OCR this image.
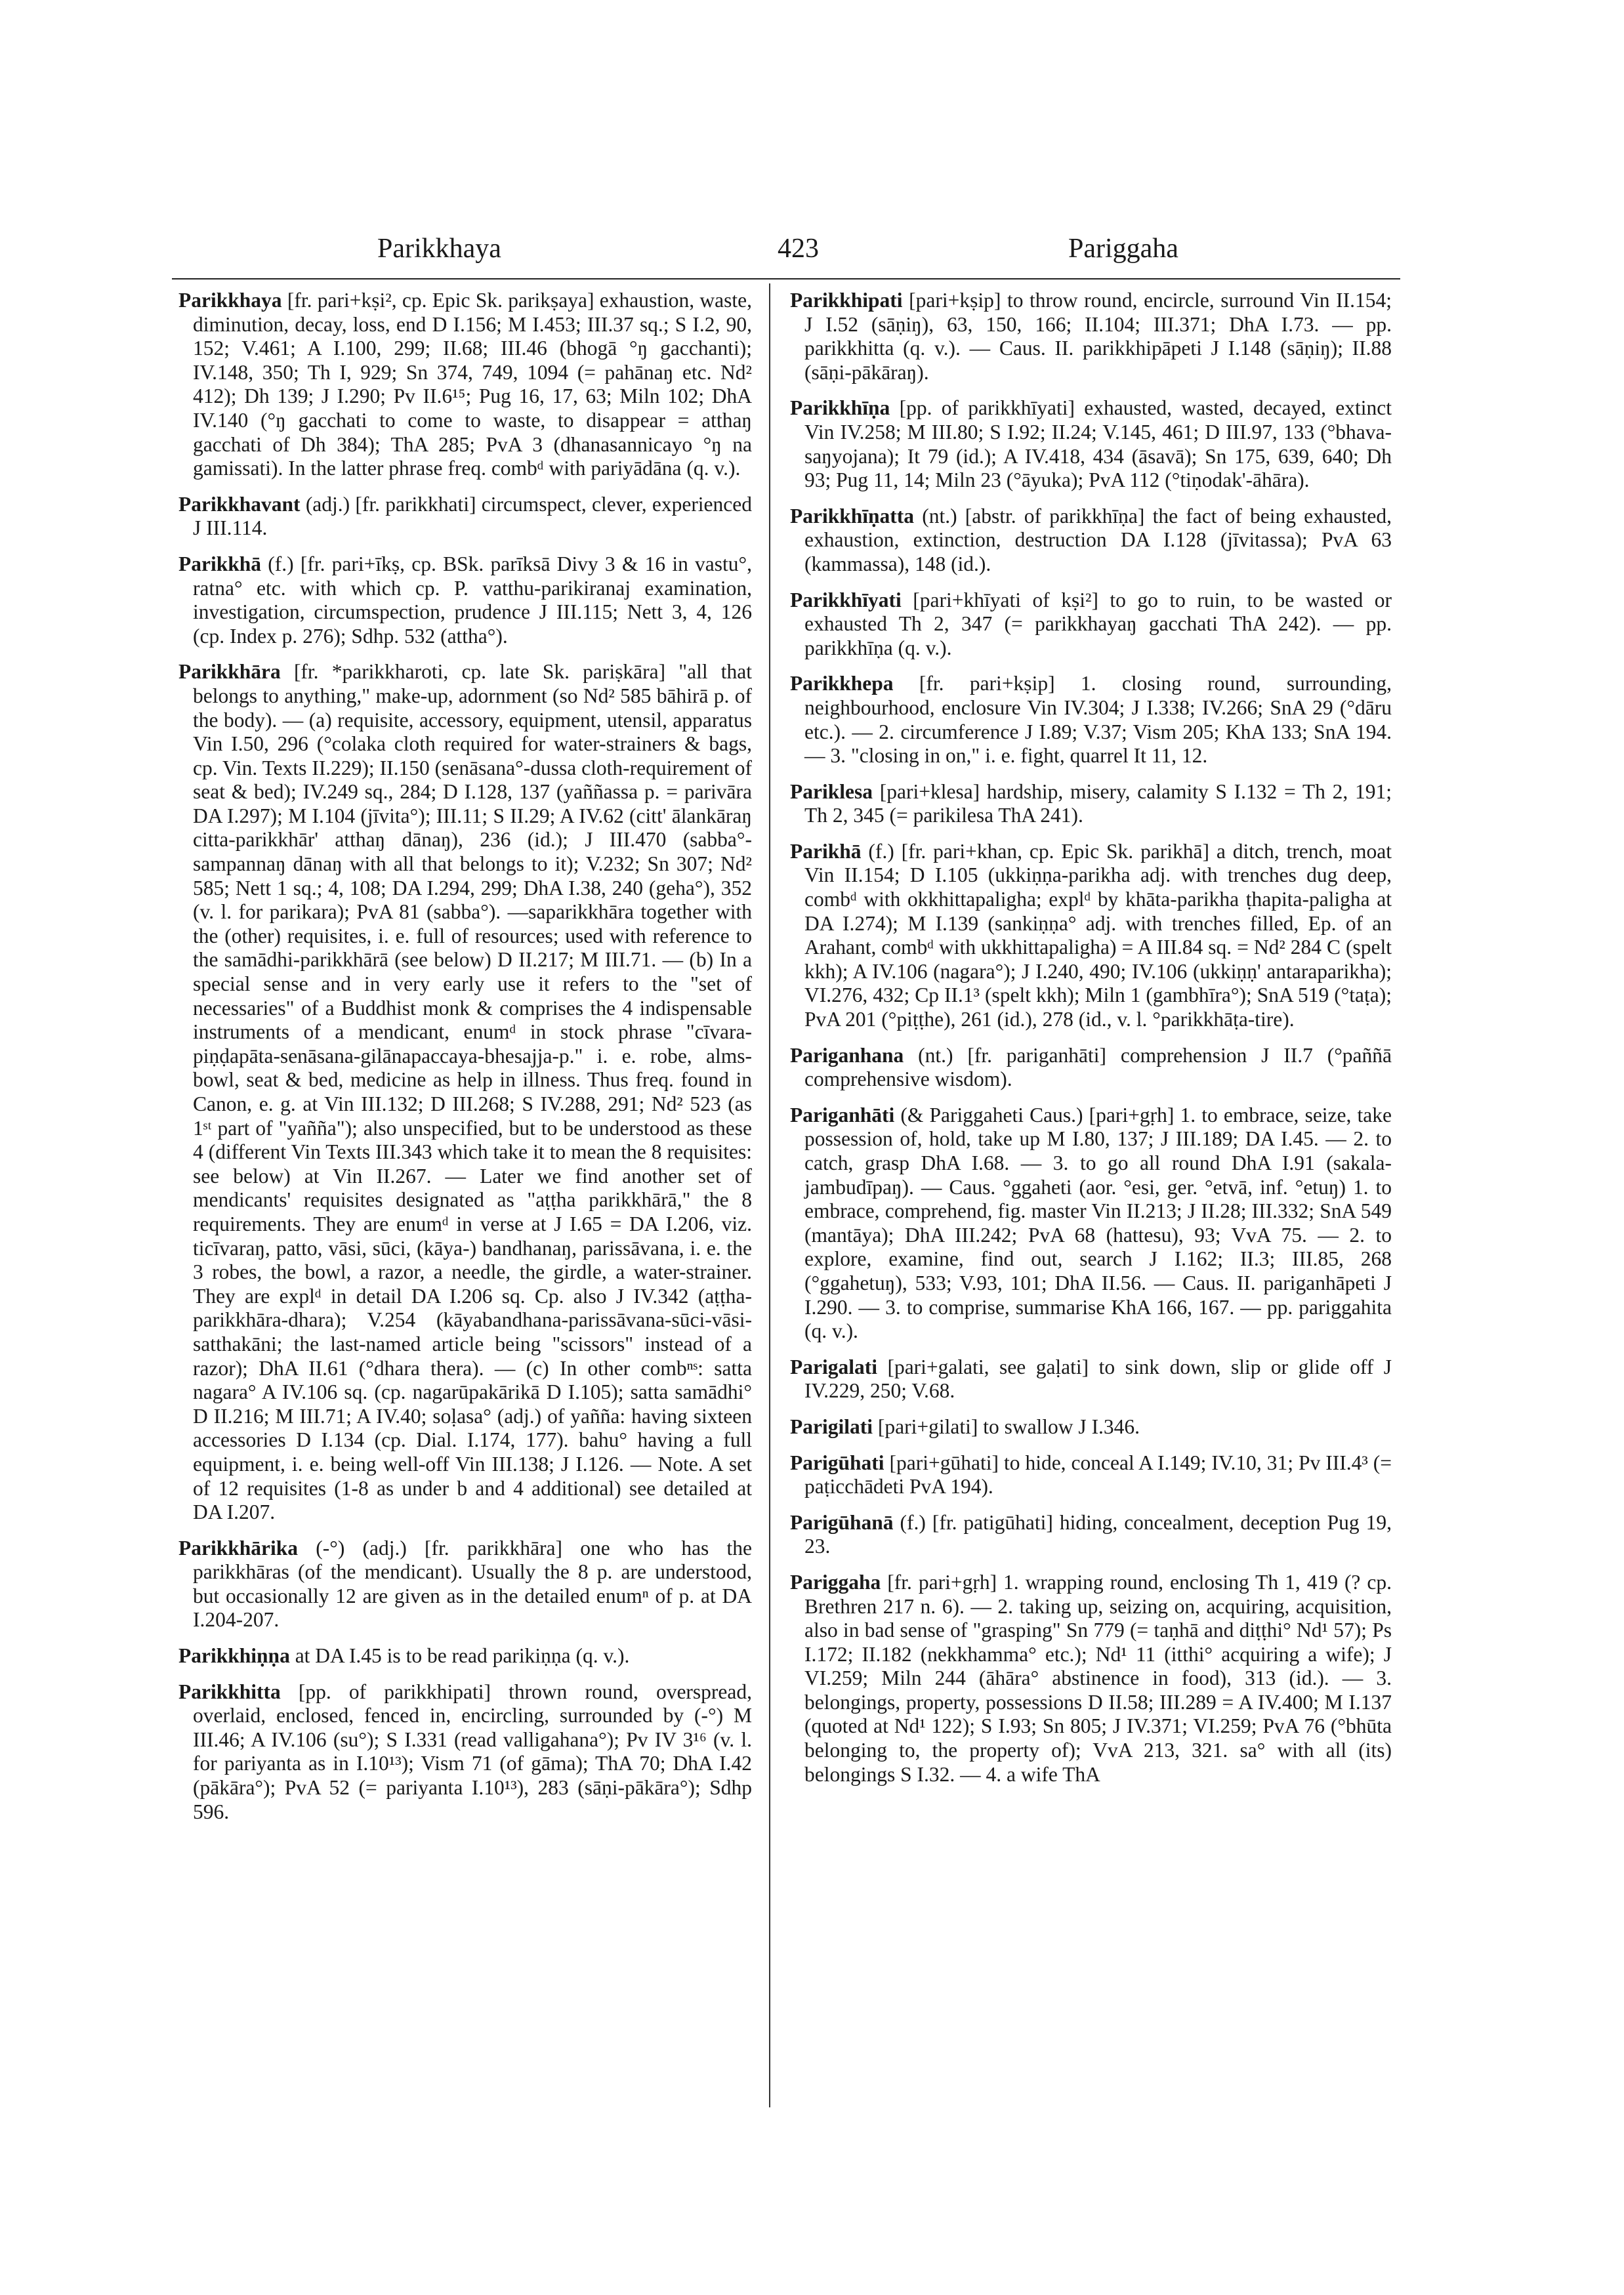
Parikkhaya	423	Pariggaha

Parikkhaya [fr. pari+kṣi², cp. Epic Sk. parikṣaya] exhaustion, waste, diminution, decay, loss, end D I.156; M I.453; III.37 sq.; S I.2, 90, 152; V.461; A I.100, 299; II.68; III.46 (bhogā °ŋ gacchanti); IV.148, 350; Th I, 929; Sn 374, 749, 1094 (= pahānaŋ etc. Nd² 412); Dh 139; J I.290; Pv II.6¹⁵; Pug 16, 17, 63; Miln 102; DhA IV.140 (°ŋ gacchati to come to waste, to disappear = atthaŋ gacchati of Dh 384); ThA 285; PvA 3 (dhanasannicayo °ŋ na gamissati). In the latter phrase freq. combᵈ with pariyādāna (q. v.).

Parikkhavant (adj.) [fr. parikkhati] circumspect, clever, experienced J III.114.

Parikkhā (f.) [fr. pari+īkṣ, cp. BSk. parīksā Divy 3 & 16 in vastu°, ratna° etc. with which cp. P. vatthu-parikiranaj examination, investigation, circumspection, prudence J III.115; Nett 3, 4, 126 (cp. Index p. 276); Sdhp. 532 (attha°).

Parikkhāra [fr. *parikkharoti, cp. late Sk. pariṣkāra] "all that belongs to anything," make-up, adornment (so Nd² 585 bāhirā p. of the body). — (a) requisite, accessory, equipment, utensil, apparatus Vin I.50, 296 (°colaka cloth required for water-strainers & bags, cp. Vin. Texts II.229); II.150 (senāsana°-dussa cloth-requirement of seat & bed); IV.249 sq., 284; D I.128, 137 (yaññassa p. = parivāra DA I.297); M I.104 (jīvita°); III.11; S II.29; A IV.62 (citt' ālankāraŋ citta-parikkhār' atthaŋ dānaŋ), 236 (id.); J III.470 (sabba°-sampannaŋ dānaŋ with all that belongs to it); V.232; Sn 307; Nd² 585; Nett 1 sq.; 4, 108; DA I.294, 299; DhA I.38, 240 (geha°), 352 (v. l. for parikara); PvA 81 (sabba°). —saparikkhāra together with the (other) requisites, i. e. full of resources; used with reference to the samādhi-parikkhārā (see below) D II.217; M III.71. — (b) In a special sense and in very early use it refers to the "set of necessaries" of a Buddhist monk & comprises the 4 indispensable instruments of a mendicant, enumᵈ in stock phrase "cīvara-piṇḍapāta-senāsana-gilānapaccaya-bhesajja-p." i. e. robe, alms-bowl, seat & bed, medicine as help in illness. Thus freq. found in Canon, e. g. at Vin III.132; D III.268; S IV.288, 291; Nd² 523 (as 1ˢᵗ part of "yañña"); also unspecified, but to be understood as these 4 (different Vin Texts III.343 which take it to mean the 8 requisites: see below) at Vin II.267. — Later we find another set of mendicants' requisites designated as "aṭṭha parikkhārā," the 8 requirements. They are enumᵈ in verse at J I.65 = DA I.206, viz. ticīvaraŋ, patto, vāsi, sūci, (kāya-) bandhanaŋ, parissāvana, i. e. the 3 robes, the bowl, a razor, a needle, the girdle, a water-strainer. They are explᵈ in detail DA I.206 sq. Cp. also J IV.342 (aṭṭha-parikkhāra-dhara); V.254 (kāyabandhana-parissāvana-sūci-vāsi-satthakāni; the last-named article being "scissors" instead of a razor); DhA II.61 (°dhara thera). — (c) In other combⁿˢ: satta nagara° A IV.106 sq. (cp. nagarūpakārikā D I.105); satta samādhi° D II.216; M III.71; A IV.40; soḷasa° (adj.) of yañña: having sixteen accessories D I.134 (cp. Dial. I.174, 177). bahu° having a full equipment, i. e. being well-off Vin III.138; J I.126. — Note. A set of 12 requisites (1-8 as under b and 4 additional) see detailed at DA I.207.

Parikkhārika (-°) (adj.) [fr. parikkhāra] one who has the parikkhāras (of the mendicant). Usually the 8 p. are understood, but occasionally 12 are given as in the detailed enumⁿ of p. at DA I.204-207.

Parikkhiṇṇa at DA I.45 is to be read parikiṇṇa (q. v.).

Parikkhitta [pp. of parikkhipati] thrown round, overspread, overlaid, enclosed, fenced in, encircling, surrounded by (-°) M III.46; A IV.106 (su°); S I.331 (read valligahana°); Pv IV 3¹⁶ (v. l. for pariyanta as in I.10¹³); Vism 71 (of gāma); ThA 70; DhA I.42 (pākāra°); PvA 52 (= pariyanta I.10¹³), 283 (sāṇi-pākāra°); Sdhp 596.

Parikkhipati [pari+kṣip] to throw round, encircle, surround Vin II.154; J I.52 (sāṇiŋ), 63, 150, 166; II.104; III.371; DhA I.73. — pp. parikkhitta (q. v.). — Caus. II. parikkhipāpeti J I.148 (sāṇiŋ); II.88 (sāṇi-pākāraŋ).

Parikkhīṇa [pp. of parikkhīyati] exhausted, wasted, decayed, extinct Vin IV.258; M III.80; S I.92; II.24; V.145, 461; D III.97, 133 (°bhava-saŋyojana); It 79 (id.); A IV.418, 434 (āsavā); Sn 175, 639, 640; Dh 93; Pug 11, 14; Miln 23 (°āyuka); PvA 112 (°tiṇodak'-āhāra).

Parikkhīṇatta (nt.) [abstr. of parikkhīṇa] the fact of being exhausted, exhaustion, extinction, destruction DA I.128 (jīvitassa); PvA 63 (kammassa), 148 (id.).

Parikkhīyati [pari+khīyati of kṣi²] to go to ruin, to be wasted or exhausted Th 2, 347 (= parikkhayaŋ gacchati ThA 242). — pp. parikkhīṇa (q. v.).

Parikkhepa [fr. pari+kṣip] 1. closing round, surrounding, neighbourhood, enclosure Vin IV.304; J I.338; IV.266; SnA 29 (°dāru etc.). — 2. circumference J I.89; V.37; Vism 205; KhA 133; SnA 194. — 3. "closing in on," i. e. fight, quarrel It 11, 12.

Pariklesa [pari+klesa] hardship, misery, calamity S I.132 = Th 2, 191; Th 2, 345 (= parikilesa ThA 241).

Parikhā (f.) [fr. pari+khan, cp. Epic Sk. parikhā] a ditch, trench, moat Vin II.154; D I.105 (ukkiṇṇa-parikha adj. with trenches dug deep, combᵈ with okkhittapaligha; explᵈ by khāta-parikha ṭhapita-paligha at DA I.274); M I.139 (sankiṇṇa° adj. with trenches filled, Ep. of an Arahant, combᵈ with ukkhittapaligha) = A III.84 sq. = Nd² 284 C (spelt kkh); A IV.106 (nagara°); J I.240, 490; IV.106 (ukkiṇṇ' antaraparikha); VI.276, 432; Cp II.1³ (spelt kkh); Miln 1 (gambhīra°); SnA 519 (°taṭa); PvA 201 (°piṭṭhe), 261 (id.), 278 (id., v. l. °parikkhāṭa-tire).

Pariganhana (nt.) [fr. pariganhāti] comprehension J II.7 (°paññā comprehensive wisdom).

Pariganhāti (& Pariggaheti Caus.) [pari+gṛh] 1. to embrace, seize, take possession of, hold, take up M I.80, 137; J III.189; DA I.45. — 2. to catch, grasp DhA I.68. — 3. to go all round DhA I.91 (sakala-jambudīpaŋ). — Caus. °ggaheti (aor. °esi, ger. °etvā, inf. °etuŋ) 1. to embrace, comprehend, fig. master Vin II.213; J II.28; III.332; SnA 549 (mantāya); DhA III.242; PvA 68 (hattesu), 93; VvA 75. — 2. to explore, examine, find out, search J I.162; II.3; III.85, 268 (°ggahetuŋ), 533; V.93, 101; DhA II.56. — Caus. II. pariganhāpeti J I.290. — 3. to comprise, summarise KhA 166, 167. — pp. pariggahita (q. v.).

Parigalati [pari+galati, see gaḷati] to sink down, slip or glide off J IV.229, 250; V.68.

Parigilati [pari+gilati] to swallow J I.346.

Parigūhati [pari+gūhati] to hide, conceal A I.149; IV.10, 31; Pv III.4³ (= paṭicchādeti PvA 194).

Parigūhanā (f.) [fr. patigūhati] hiding, concealment, deception Pug 19, 23.

Pariggaha [fr. pari+gṛh] 1. wrapping round, enclosing Th 1, 419 (? cp. Brethren 217 n. 6). — 2. taking up, seizing on, acquiring, acquisition, also in bad sense of "grasping" Sn 779 (= taṇhā and diṭṭhi° Nd¹ 57); Ps I.172; II.182 (nekkhamma° etc.); Nd¹ 11 (itthi° acquiring a wife); J VI.259; Miln 244 (āhāra° abstinence in food), 313 (id.). — 3. belongings, property, possessions D II.58; III.289 = A IV.400; M I.137 (quoted at Nd¹ 122); S I.93; Sn 805; J IV.371; VI.259; PvA 76 (°bhūta belonging to, the property of); VvA 213, 321. sa° with all (its) belongings S I.32. — 4. a wife ThA
